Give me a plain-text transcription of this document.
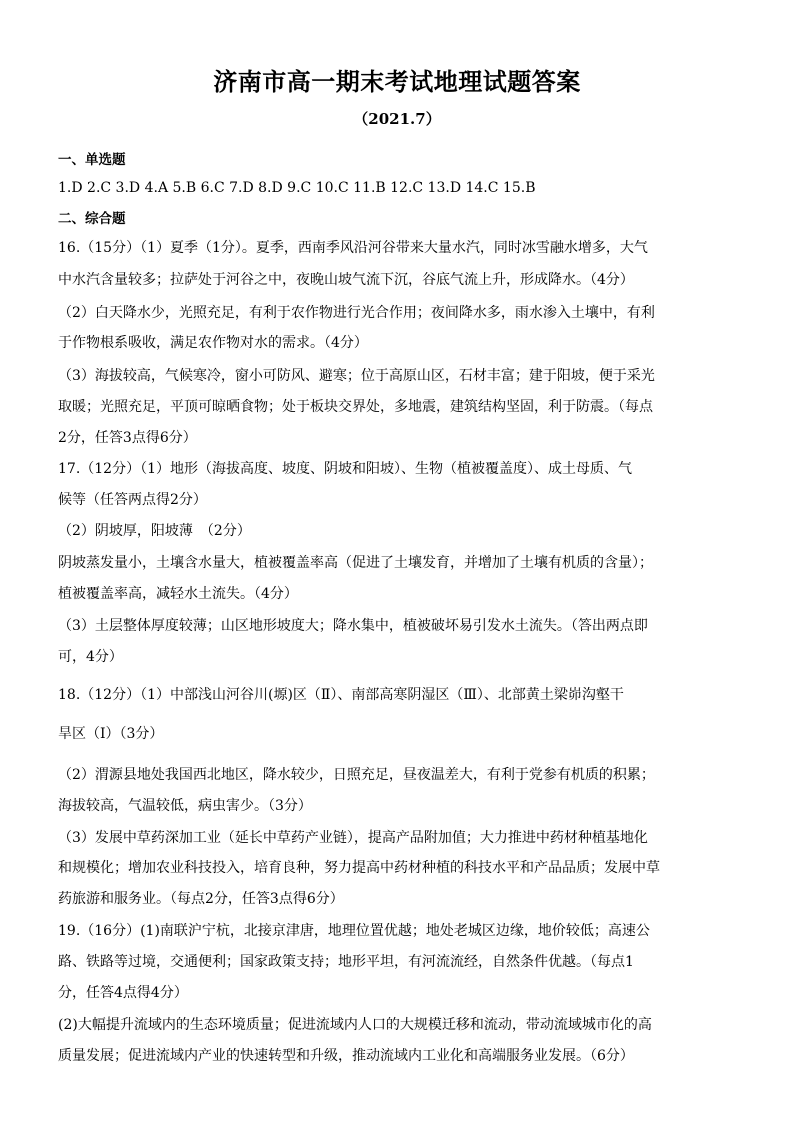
济南市高一期末考试地理试题答案
（2021.7）
一、单选题
1.D 2.C 3.D 4.A 5.B 6.C 7.D 8.D 9.C 10.C 11.B 12.C 13.D 14.C 15.B
二、综合题
16.（15分）（1）夏季（1分）。夏季，西南季风沿河谷带来大量水汽，同时冰雪融水增多，大气
中水汽含量较多；拉萨处于河谷之中，夜晚山坡气流下沉，谷底气流上升，形成降水。（4分）
（2）白天降水少，光照充足，有利于农作物进行光合作用；夜间降水多，雨水渗入土壤中，有利
于作物根系吸收，满足农作物对水的需求。（4分）
（3）海拔较高，气候寒冷，窗小可防风、避寒；位于高原山区，石材丰富；建于阳坡，便于采光
取暖；光照充足，平顶可晾晒食物；处于板块交界处，多地震，建筑结构坚固，利于防震。（每点
2分，任答3点得6分）
17.（12分）（1）地形（海拔高度、坡度、阴坡和阳坡）、生物（植被覆盖度）、成土母质、气
候等（任答两点得2分）
（2）阴坡厚，阳坡薄　（2分）
阴坡蒸发量小，土壤含水量大，植被覆盖率高（促进了土壤发育，并增加了土壤有机质的含量）；
植被覆盖率高，减轻水土流失。（4分）
（3）土层整体厚度较薄；山区地形坡度大；降水集中，植被破坏易引发水土流失。（答出两点即
可，4分）
18.（12分）（1）中部浅山河谷川(塬)区（Ⅱ）、南部高寒阴湿区（Ⅲ）、北部黄土梁峁沟壑干
旱区（Ⅰ）（3分）
（2）渭源县地处我国西北地区，降水较少，日照充足，昼夜温差大，有利于党参有机质的积累；
海拔较高，气温较低，病虫害少。（3分）
（3）发展中草药深加工业（延长中草药产业链），提高产品附加值；大力推进中药材种植基地化
和规模化；增加农业科技投入，培育良种，努力提高中药材种植的科技水平和产品品质；发展中草
药旅游和服务业。（每点2分，任答3点得6分）
19.（16分）(1)南联沪宁杭，北接京津唐，地理位置优越；地处老城区边缘，地价较低；高速公
路、铁路等过境，交通便利；国家政策支持；地形平坦，有河流流经，自然条件优越。（每点1
分，任答4点得4分）
(2)大幅提升流域内的生态环境质量；促进流域内人口的大规模迁移和流动，带动流域城市化的高
质量发展；促进流域内产业的快速转型和升级，推动流域内工业化和高端服务业发展。（6分）
